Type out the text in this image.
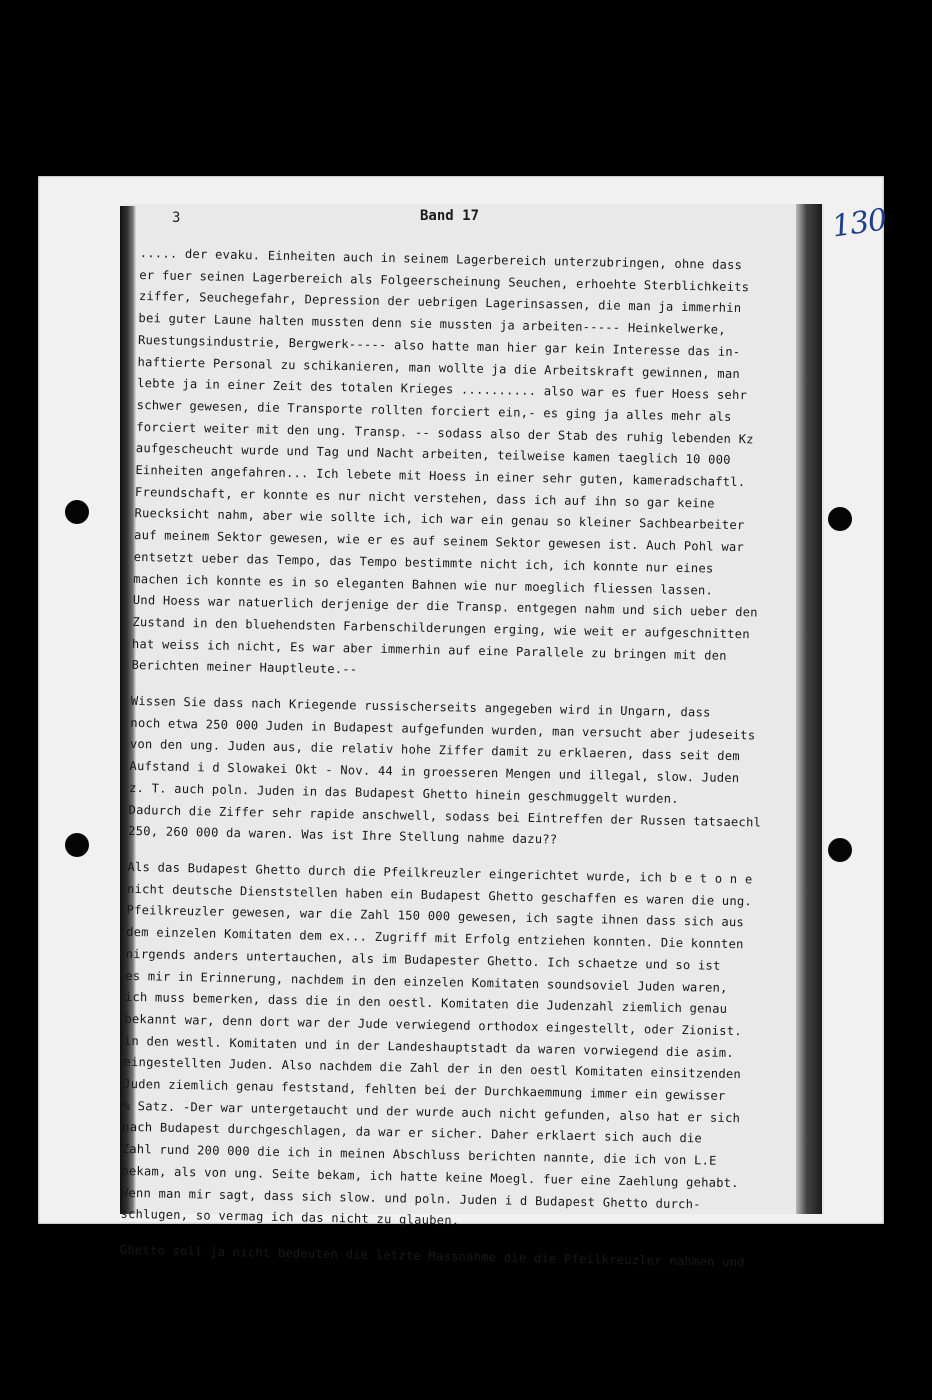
3	Band 17	130
..... der evaku. Einheiten auch in seinem Lagerbereich unterzubringen, ohne dass
er fuer seinen Lagerbereich als Folgeerscheinung Seuchen, erhoehte Sterblichkeits
ziffer, Seuchegefahr, Depression der uebrigen Lagerinsassen, die man ja immerhin
bei guter Laune halten mussten denn sie mussten ja arbeiten----- Heinkelwerke,
Ruestungsindustrie, Bergwerk----- also hatte man hier gar kein Interesse das in-
haftierte Personal zu schikanieren, man wollte ja die Arbeitskraft gewinnen, man
lebte ja in einer Zeit des totalen Krieges .......... also war es fuer Hoess sehr
schwer gewesen, die Transporte rollten forciert ein,- es ging ja alles mehr als
forciert weiter mit den ung. Transp. -- sodass also der Stab des ruhig lebenden Kz
aufgescheucht wurde und Tag und Nacht arbeiten, teilweise kamen taeglich 10 000
Einheiten angefahren... Ich lebete mit Hoess in einer sehr guten, kameradschaftl.
Freundschaft, er konnte es nur nicht verstehen, dass ich auf ihn so gar keine
Ruecksicht nahm, aber wie sollte ich, ich war ein genau so kleiner Sachbearbeiter
auf meinem Sektor gewesen, wie er es auf seinem Sektor gewesen ist. Auch Pohl war
entsetzt ueber das Tempo, das Tempo bestimmte nicht ich, ich konnte nur eines
machen ich konnte es in so eleganten Bahnen wie nur moeglich fliessen lassen.
Und Hoess war natuerlich derjenige der die Transp. entgegen nahm und sich ueber den
Zustand in den bluehendsten Farbenschilderungen erging, wie weit er aufgeschnitten
hat weiss ich nicht, Es war aber immerhin auf eine Parallele zu bringen mit den
Berichten meiner Hauptleute.--
Wissen Sie dass nach Kriegende russischerseits angegeben wird in Ungarn, dass
noch etwa 250 000 Juden in Budapest aufgefunden wurden, man versucht aber judeseits
von den ung. Juden aus, die relativ hohe Ziffer damit zu erklaeren, dass seit dem
Aufstand i d Slowakei Okt - Nov. 44 in groesseren Mengen und illegal, slow. Juden
z. T. auch poln. Juden in das Budapest Ghetto hinein geschmuggelt wurden.
Dadurch die Ziffer sehr rapide anschwell, sodass bei Eintreffen der Russen tatsaechl
250, 260 000 da waren. Was ist Ihre Stellung nahme dazu??
Als das Budapest Ghetto durch die Pfeilkreuzler eingerichtet wurde, ich b e t o n e
nicht deutsche Dienststellen haben ein Budapest Ghetto geschaffen es waren die ung.
Pfeilkreuzler gewesen, war die Zahl 150 000 gewesen, ich sagte ihnen dass sich aus
dem einzelen Komitaten dem ex... Zugriff mit Erfolg entziehen konnten. Die konnten
nirgends anders untertauchen, als im Budapester Ghetto. Ich schaetze und so ist
es mir in Erinnerung, nachdem in den einzelen Komitaten soundsoviel Juden waren,
ich muss bemerken, dass die in den oestl. Komitaten die Judenzahl ziemlich genau
bekannt war, denn dort war der Jude verwiegend orthodox eingestellt, oder Zionist.
in den westl. Komitaten und in der Landeshauptstadt da waren vorwiegend die asim.
eingestellten Juden. Also nachdem die Zahl der in den oestl Komitaten einsitzenden
Juden ziemlich genau feststand, fehlten bei der Durchkaemmung immer ein gewisser
% Satz. -Der war untergetaucht und der wurde auch nicht gefunden, also hat er sich
nach Budapest durchgeschlagen, da war er sicher. Daher erklaert sich auch die
Zahl rund 200 000 die ich in meinen Abschluss berichten nannte, die ich von L.E
bekam, als von ung. Seite bekam, ich hatte keine Moegl. fuer eine Zaehlung gehabt.
Wenn man mir sagt, dass sich slow. und poln. Juden i d Budapest Ghetto durch-
schlugen, so vermag ich das nicht zu glauben.
Ghetto soll ja nicht bedeuten die letzte Massnahme die die Pfeilkreuzler nahmen und
